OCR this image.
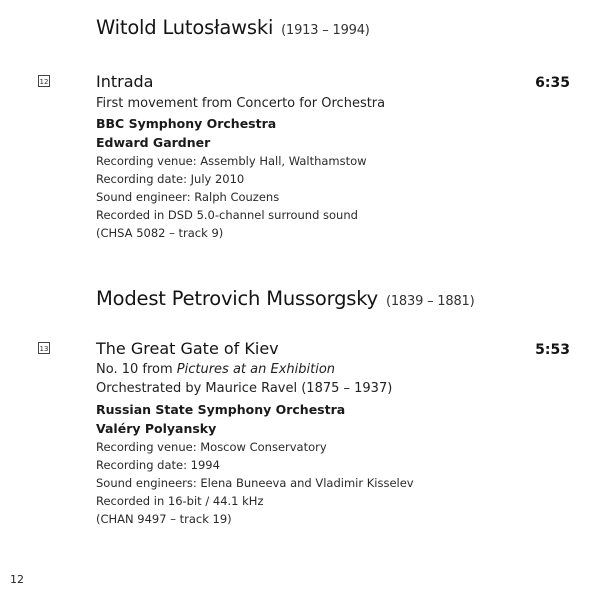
Witold Lutosławski (1913 – 1994)
12	Intrada	6:35
First movement from Concerto for Orchestra
BBC Symphony Orchestra
Edward Gardner
Recording venue: Assembly Hall, Walthamstow
Recording date: July 2010
Sound engineer: Ralph Couzens
Recorded in DSD 5.0-channel surround sound
(CHSA 5082 – track 9)
Modest Petrovich Mussorgsky (1839 – 1881)
13	The Great Gate of Kiev	5:53
No. 10 from Pictures at an Exhibition
Orchestrated by Maurice Ravel (1875 – 1937)
Russian State Symphony Orchestra
Valéry Polyansky
Recording venue: Moscow Conservatory
Recording date: 1994
Sound engineers: Elena Buneeva and Vladimir Kisselev
Recorded in 16-bit / 44.1 kHz
(CHAN 9497 – track 19)
12
